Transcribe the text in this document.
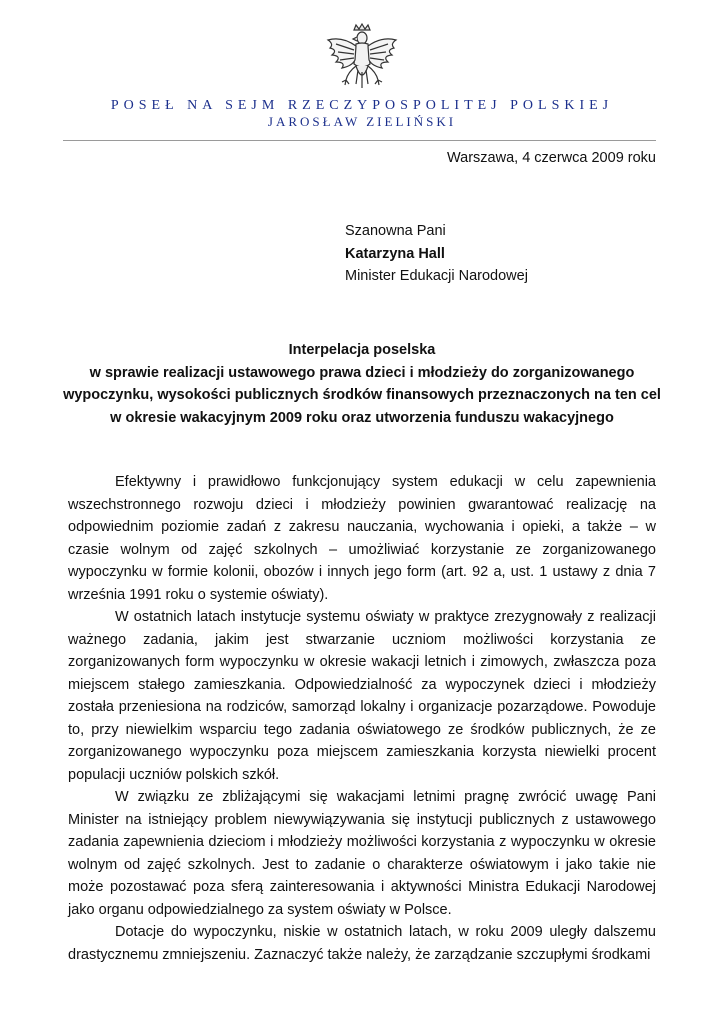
POSEŁ NA SEJM RZECZYPOSPOLITEJ POLSKIEJ
JAROSŁAW ZIELIŃSKI
Warszawa, 4 czerwca 2009 roku
Szanowna Pani
Katarzyna Hall
Minister Edukacji Narodowej
Interpelacja poselska
w sprawie realizacji ustawowego prawa dzieci i młodzieży do zorganizowanego
wypoczynku, wysokości publicznych środków finansowych przeznaczonych na ten cel
w okresie wakacyjnym 2009 roku oraz utworzenia funduszu wakacyjnego

Efektywny i prawidłowo funkcjonujący system edukacji w celu zapewnienia wszechstronnego rozwoju dzieci i młodzieży powinien gwarantować realizację na odpowiednim poziomie zadań z zakresu nauczania, wychowania i opieki, a także – w czasie wolnym od zajęć szkolnych – umożliwiać korzystanie ze zorganizowanego wypoczynku w formie kolonii, obozów i innych jego form (art. 92 a, ust. 1 ustawy z dnia 7 września 1991 roku o systemie oświaty).

W ostatnich latach instytucje systemu oświaty w praktyce zrezygnowały z realizacji ważnego zadania, jakim jest stwarzanie uczniom możliwości korzystania ze zorganizowanych form wypoczynku w okresie wakacji letnich i zimowych, zwłaszcza poza miejscem stałego zamieszkania. Odpowiedzialność za wypoczynek dzieci i młodzieży została przeniesiona na rodziców, samorząd lokalny i organizacje pozarządowe. Powoduje to, przy niewielkim wsparciu tego zadania oświatowego ze środków publicznych, że ze zorganizowanego wypoczynku poza miejscem zamieszkania korzysta niewielki procent populacji uczniów polskich szkół.

W związku ze zbliżającymi się wakacjami letnimi pragnę zwrócić uwagę Pani Minister na istniejący problem niewywiązywania się instytucji publicznych z ustawowego zadania zapewnienia dzieciom i młodzieży możliwości korzystania z wypoczynku w okresie wolnym od zajęć szkolnych. Jest to zadanie o charakterze oświatowym i jako takie nie może pozostawać poza sferą zainteresowania i aktywności Ministra Edukacji Narodowej jako organu odpowiedzialnego za system oświaty w Polsce.

Dotacje do wypoczynku, niskie w ostatnich latach, w roku 2009 uległy dalszemu drastycznemu zmniejszeniu. Zaznaczyć także należy, że zarządzanie szczupłymi środkami
